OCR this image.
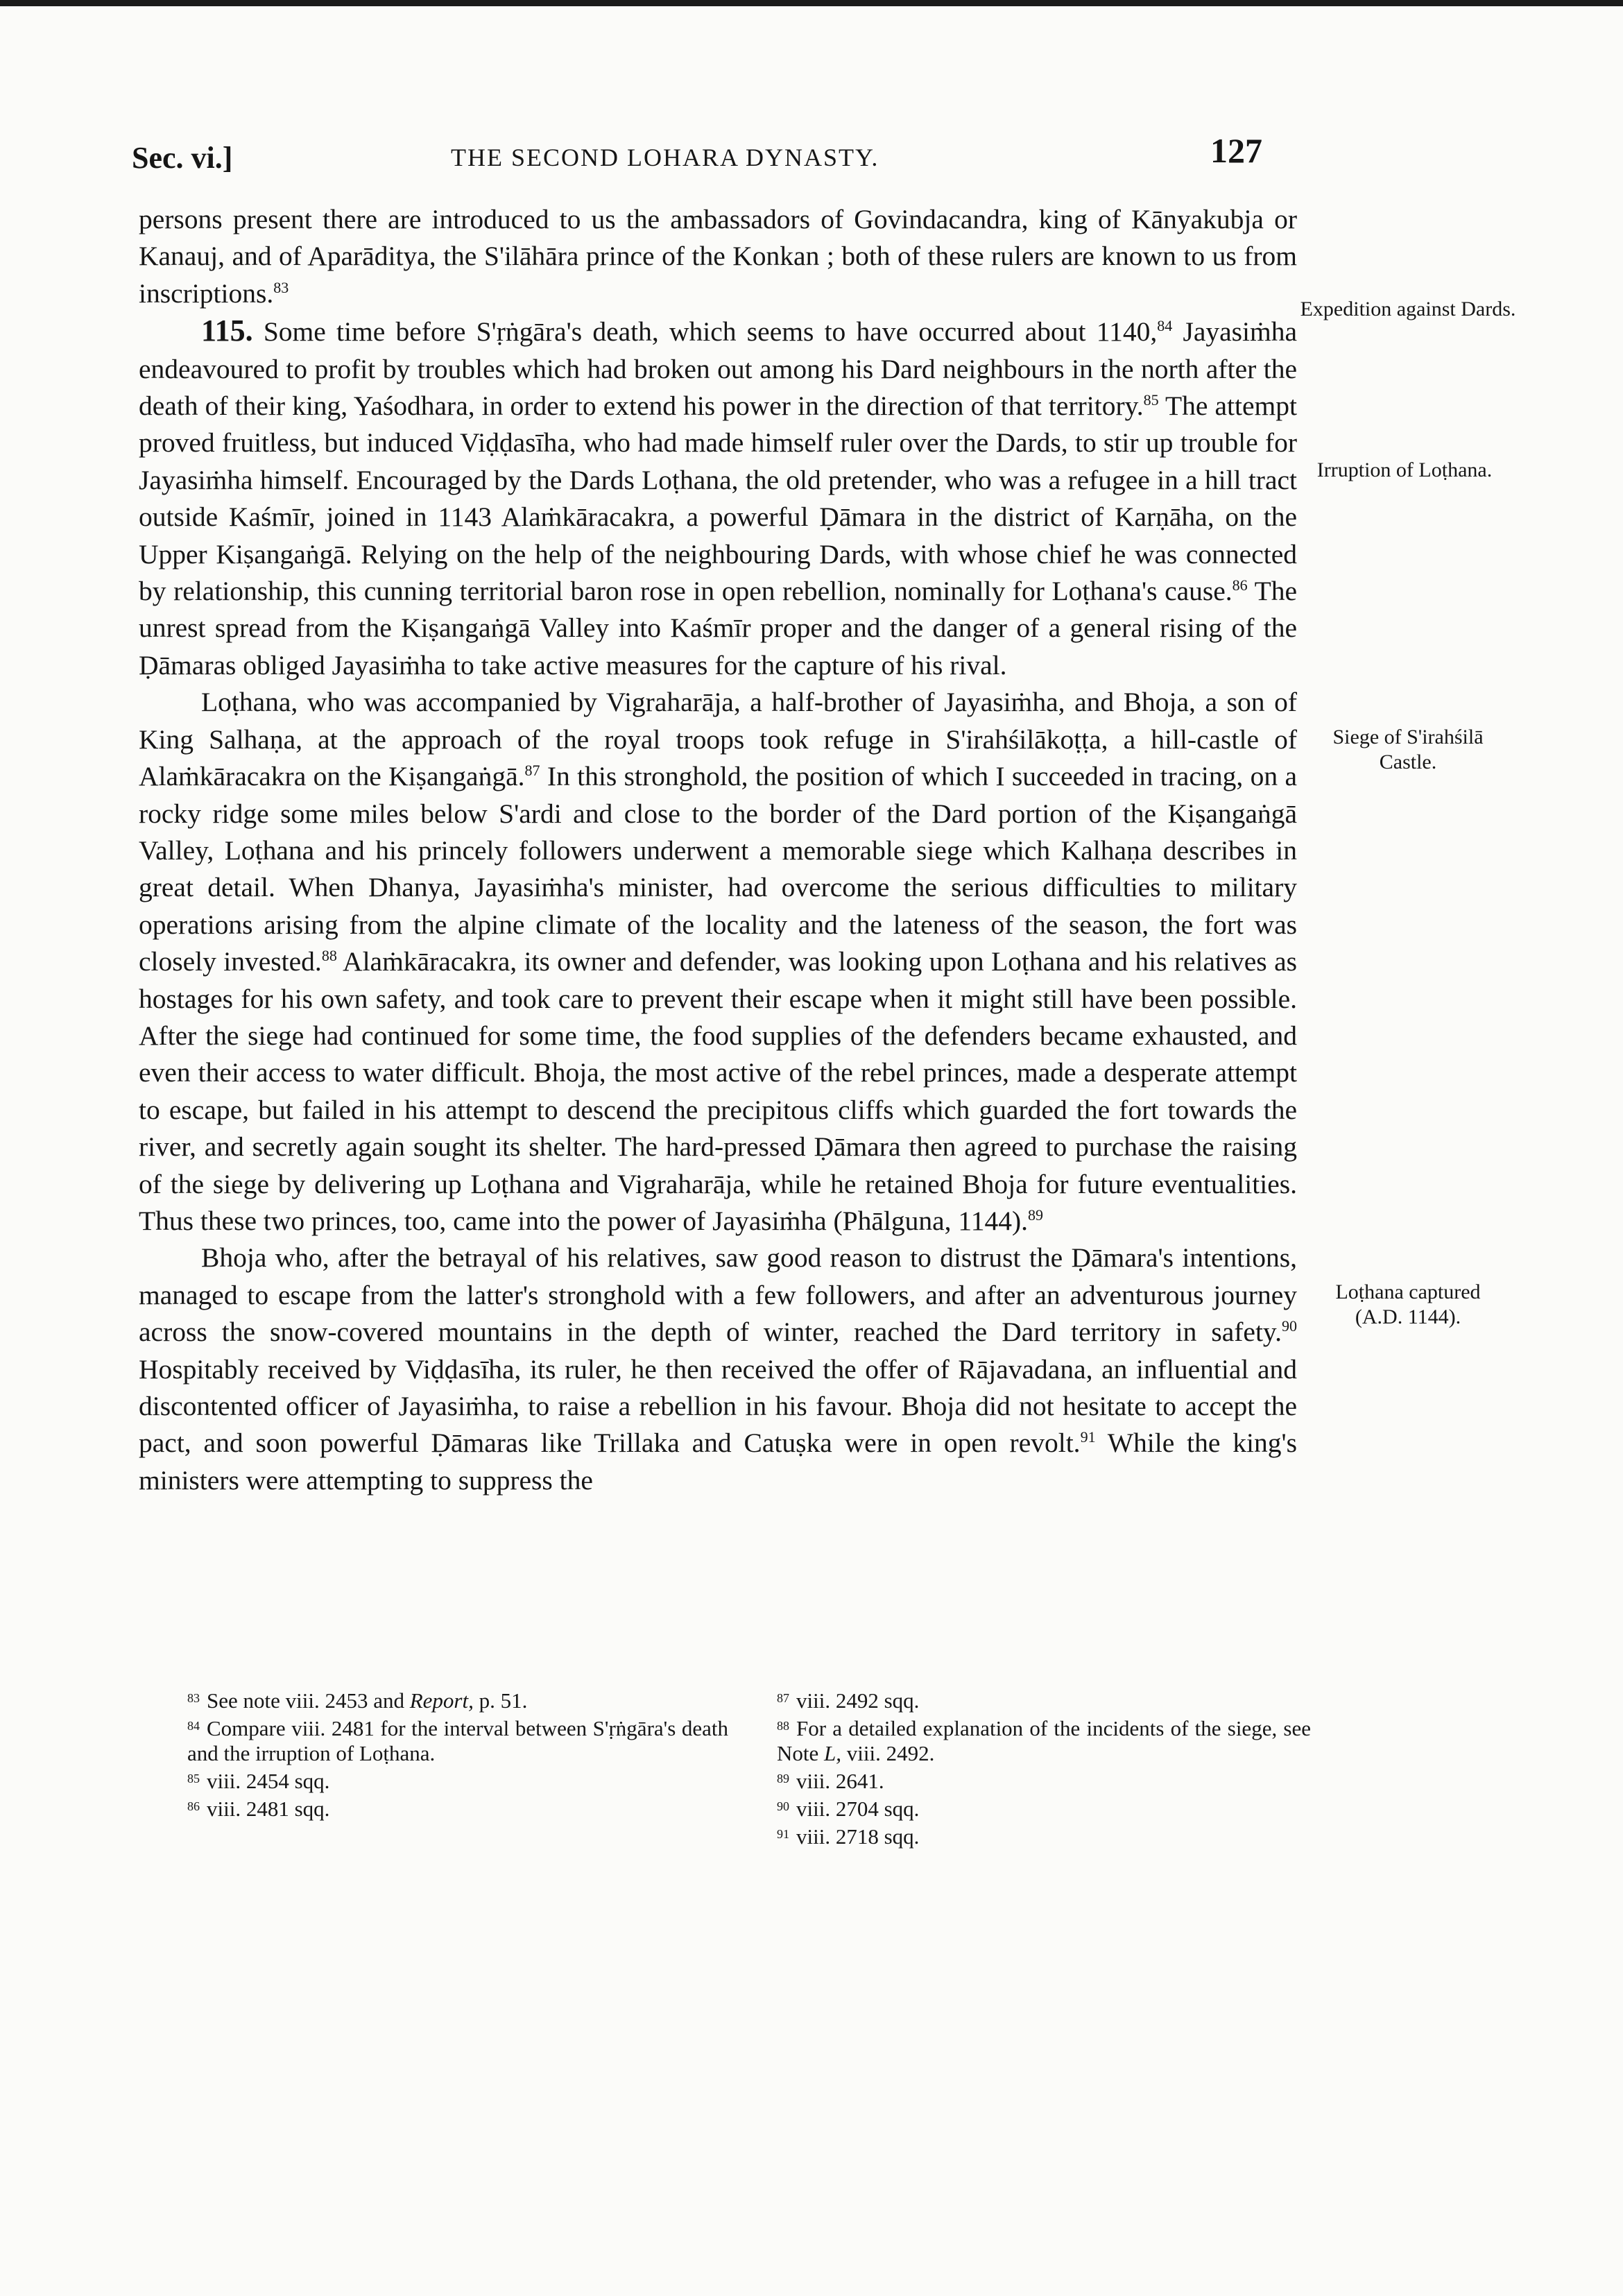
Sec. vi.]	THE SECOND LOHARA DYNASTY.	127

persons present there are introduced to us the ambassadors of Govindacandra, king of Kānyakubja or Kanauj, and of Aparāditya, the S'ilāhāra prince of the Konkan ; both of these rulers are known to us from inscriptions.$^{83}$

115. Some time before S'ṛṅgāra's death, which seems to have occurred about 1140,84 Jayasiṁha endeavoured to profit by troubles which had broken out among his Dard neighbours in the north after the death of their king, Yaśodhara, in order to extend his power in the direction of that territory.$^{85}$ The attempt proved fruitless, but induced Viḍḍasīha, who had made himself ruler over the Dards, to stir up trouble for Jayasiṁha himself. Encouraged by the Dards Loṭhana, the old pretender, who was a refugee in a hill tract outside Kaśmīr, joined in 1143 Alaṁkāracakra, a powerful Ḍāmara in the district of Karṇāha, on the Upper Kiṣangaṅgā. Relying on the help of the neighbouring Dards, with whose chief he was connected by relationship, this cunning territorial baron rose in open rebellion, nominally for Loṭhana's cause.$^{86}$ The unrest spread from the Kiṣangaṅgā Valley into Kaśmīr proper and the danger of a general rising of the Ḍāmaras obliged Jayasiṁha to take active measures for the capture of his rival.

Loṭhana, who was accompanied by Vigraharāja, a half-brother of Jayasiṁha, and Bhoja, a son of King Salhaṇa, at the approach of the royal troops took refuge in S'irahśilākoṭṭa, a hill-castle of Alaṁkāracakra on the Kiṣangaṅgā.$^{87}$ In this stronghold, the position of which I succeeded in tracing, on a rocky ridge some miles below S'ardi and close to the border of the Dard portion of the Kiṣangaṅgā Valley, Loṭhana and his princely followers underwent a memorable siege which Kalhaṇa describes in great detail. When Dhanya, Jayasiṁha's minister, had overcome the serious difficulties to military operations arising from the alpine climate of the locality and the lateness of the season, the fort was closely invested.$^{88}$ Alaṁkāracakra, its owner and defender, was looking upon Loṭhana and his relatives as hostages for his own safety, and took care to prevent their escape when it might still have been possible. After the siege had continued for some time, the food supplies of the defenders became exhausted, and even their access to water difficult. Bhoja, the most active of the rebel princes, made a desperate attempt to escape, but failed in his attempt to descend the precipitous cliffs which guarded the fort towards the river, and secretly again sought its shelter. The hard-pressed Ḍāmara then agreed to purchase the raising of the siege by delivering up Loṭhana and Vigraharāja, while he retained Bhoja for future eventualities. Thus these two princes, too, came into the power of Jayasiṁha (Phālguna, 1144).$^{89}$

Bhoja who, after the betrayal of his relatives, saw good reason to distrust the Ḍāmara's intentions, managed to escape from the latter's stronghold with a few followers, and after an adventurous journey across the snow-covered mountains in the depth of winter, reached the Dard territory in safety.$^{90}$ Hospitably received by Viḍḍasīha, its ruler, he then received the offer of Rājavadana, an influential and discontented officer of Jayasiṁha, to raise a rebellion in his favour. Bhoja did not hesitate to accept the pact, and soon powerful Ḍāmaras like Trillaka and Catuṣka were in open revolt.$^{91}$ While the king's ministers were attempting to suppress the

Expedition against Dards.
Irruption of Loṭhana.
Siege of S'irahśilā Castle.
Loṭhana captured
(A.D. 1144).

$^{83}$ See note viii. 2453 and Report, p. 51.

$^{84}$ Compare viii. 2481 for the interval between S'ṛṅgāra's death and the irruption of Loṭhana.

$^{85}$ viii. 2454 sqq.

$^{86}$ viii. 2481 sqq.

$^{87}$ viii. 2492 sqq.

$^{88}$ For a detailed explanation of the incidents of the siege, see Note L, viii. 2492.

$^{89}$ viii. 2641.

$^{90}$ viii. 2704 sqq.

$^{91}$ viii. 2718 sqq.
